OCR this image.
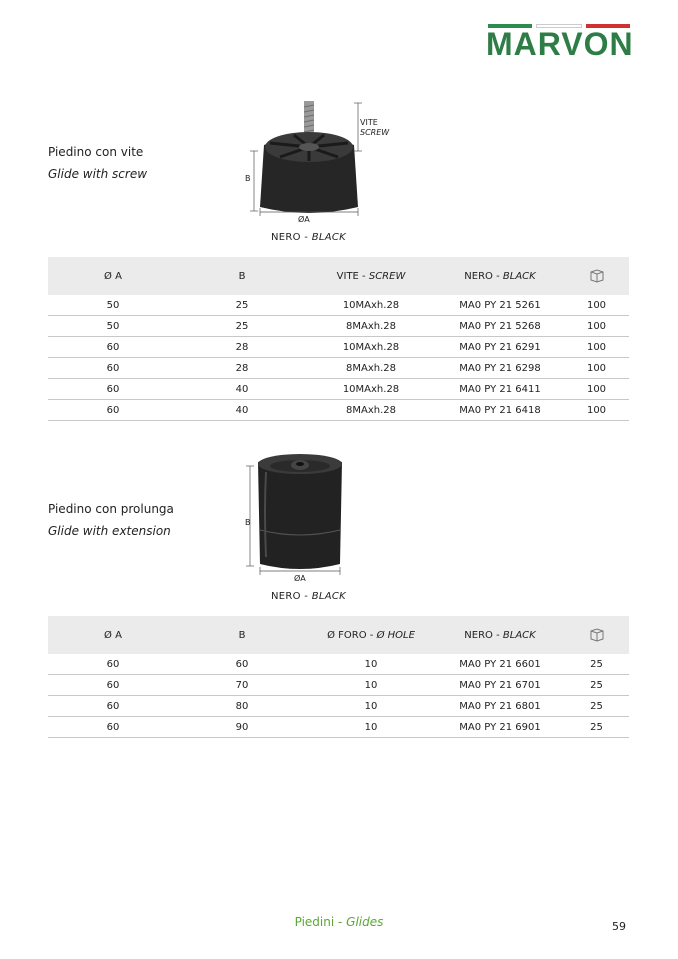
MARVON
Piedino con vite
Glide with screw
VITE
SCREW
B
ØA
NERO - BLACK
Ø A	B	VITE - SCREW	NERO - BLACK	
50	25	10MAxh.28	MA0 PY 21 5261	100
50	25	8MAxh.28	MA0 PY 21 5268	100
60	28	10MAxh.28	MA0 PY 21 6291	100
60	28	8MAxh.28	MA0 PY 21 6298	100
60	40	10MAxh.28	MA0 PY 21 6411	100
60	40	8MAxh.28	MA0 PY 21 6418	100
Piedino con prolunga
Glide with extension
B
ØA
NERO - BLACK
Ø A	B	Ø FORO - Ø HOLE	NERO - BLACK	
60	60	10	MA0 PY 21 6601	25
60	70	10	MA0 PY 21 6701	25
60	80	10	MA0 PY 21 6801	25
60	90	10	MA0 PY 21 6901	25
Piedini - Glides	59
